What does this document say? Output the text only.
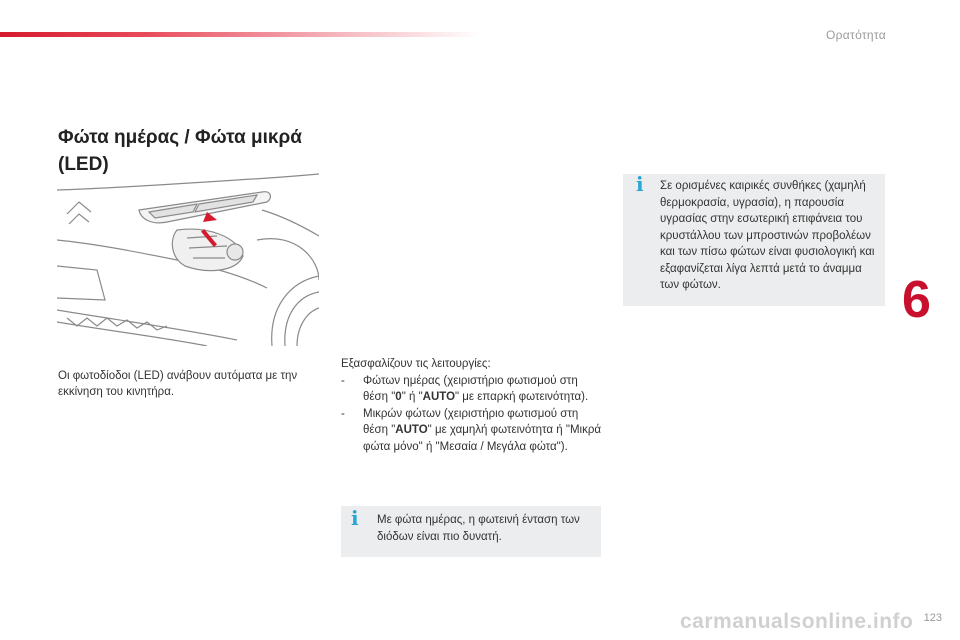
Ορατότητα
Φώτα ημέρας / Φώτα μικρά (LED)

Οι φωτοδίοδοι (LED) ανάβουν αυτόματα με την εκκίνηση του κινητήρα.

Εξασφαλίζουν τις λειτουργίες:

-	Φώτων ημέρας (χειριστήριο φωτισμού στη θέση "0" ή "AUTO" με επαρκή φωτεινότητα).

-	Μικρών φώτων (χειριστήριο φωτισμού στη θέση "AUTO" με χαμηλή φωτεινότητα ή "Μικρά φώτα μόνο" ή "Μεσαία / Μεγάλα φώτα").

i Σε ορισμένες καιρικές συνθήκες (χαμηλή θερμοκρασία, υγρασία), η παρουσία υγρασίας στην εσωτερική επιφάνεια του κρυστάλλου των μπροστινών προβολέων και των πίσω φώτων είναι φυσιολογική και εξαφανίζεται λίγα λεπτά μετά το άναμμα των φώτων.
i Με φώτα ημέρας, η φωτεινή ένταση των διόδων είναι πιο δυνατή.
6
carmanualsonline.info 123
